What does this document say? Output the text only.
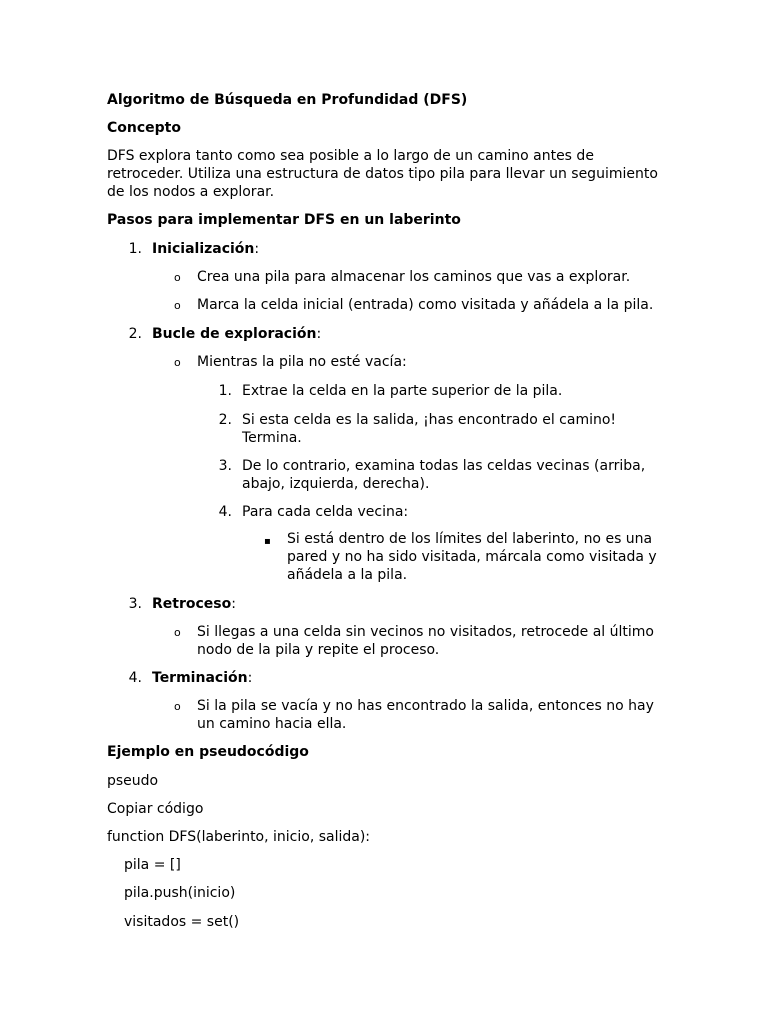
Algoritmo de Búsqueda en Profundidad (DFS)

Concepto

DFS explora tanto como sea posible a lo largo de un camino antes de

retroceder. Utiliza una estructura de datos tipo pila para llevar un seguimiento

de los nodos a explorar.

Pasos para implementar DFS en un laberinto

1. Inicialización:

o Crea una pila para almacenar los caminos que vas a explorar.

o Marca la celda inicial (entrada) como visitada y añádela a la pila.

2. Bucle de exploración:

o Mientras la pila no esté vacía:

1. Extrae la celda en la parte superior de la pila.

2. Si esta celda es la salida, ¡has encontrado el camino!

Termina.

3. De lo contrario, examina todas las celdas vecinas (arriba,

abajo, izquierda, derecha).

4. Para cada celda vecina:

▪ Si está dentro de los límites del laberinto, no es una

pared y no ha sido visitada, márcala como visitada y

añádela a la pila.

3. Retroceso:

o Si llegas a una celda sin vecinos no visitados, retrocede al último

nodo de la pila y repite el proceso.

4. Terminación:

o Si la pila se vacía y no has encontrado la salida, entonces no hay

un camino hacia ella.

Ejemplo en pseudocódigo

pseudo

Copiar código

function DFS(laberinto, inicio, salida):

pila = []

pila.push(inicio)

visitados = set()
